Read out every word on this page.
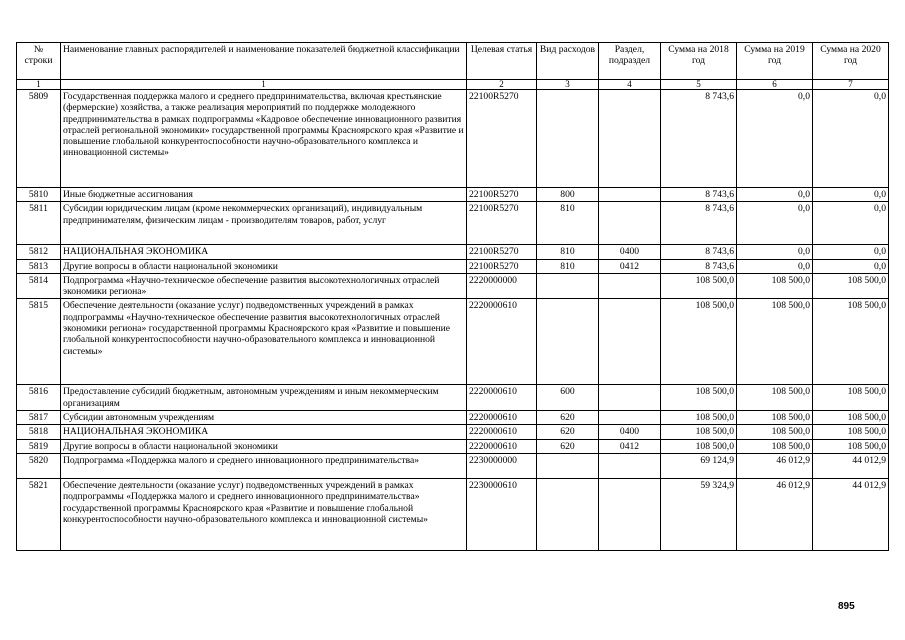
№ строки	Наименование главных распорядителей и наименование показателей бюджетной классификации	Целевая статья	Вид расходов	Раздел, подраздел	Сумма на 2018 год	Сумма на 2019 год	Сумма на 2020 год
1	1	2	3	4	5	6	7
5809	Государственная поддержка малого и среднего предпринимательства, включая крестьянские (фермерские) хозяйства, а также реализация мероприятий по поддержке молодежного предпринимательства в рамках подпрограммы «Кадровое обеспечение инновационного развития отраслей региональной экономики» государственной программы Красноярского края «Развитие и повышение глобальной конкурентоспособности научно-образовательного комплекса и инновационной системы»	22100R5270			8 743,6	0,0	0,0
5810	Иные бюджетные ассигнования	22100R5270	800		8 743,6	0,0	0,0
5811	Субсидии юридическим лицам (кроме некоммерческих организаций), индивидуальным предпринимателям, физическим лицам - производителям товаров, работ, услуг	22100R5270	810		8 743,6	0,0	0,0
5812	НАЦИОНАЛЬНАЯ ЭКОНОМИКА	22100R5270	810	0400	8 743,6	0,0	0,0
5813	Другие вопросы в области национальной экономики	22100R5270	810	0412	8 743,6	0,0	0,0
5814	Подпрограмма «Научно-техническое обеспечение развития высокотехнологичных отраслей экономики региона»	2220000000			108 500,0	108 500,0	108 500,0
5815	Обеспечение деятельности (оказание услуг) подведомственных учреждений в рамках подпрограммы «Научно-техническое обеспечение развития высокотехнологичных отраслей экономики региона» государственной программы Красноярского края «Развитие и повышение глобальной конкурентоспособности научно-образовательного комплекса и инновационной системы»	2220000610			108 500,0	108 500,0	108 500,0
5816	Предоставление субсидий бюджетным, автономным учреждениям и иным некоммерческим организациям	2220000610	600		108 500,0	108 500,0	108 500,0
5817	Субсидии автономным учреждениям	2220000610	620		108 500,0	108 500,0	108 500,0
5818	НАЦИОНАЛЬНАЯ ЭКОНОМИКА	2220000610	620	0400	108 500,0	108 500,0	108 500,0
5819	Другие вопросы в области национальной экономики	2220000610	620	0412	108 500,0	108 500,0	108 500,0
5820	Подпрограмма «Поддержка малого и среднего инновационного предпринимательства»	2230000000			69 124,9	46 012,9	44 012,9
5821	Обеспечение деятельности (оказание услуг) подведомственных учреждений в рамках подпрограммы «Поддержка малого и среднего инновационного предпринимательства» государственной программы Красноярского края «Развитие и повышение глобальной конкурентоспособности научно-образовательного комплекса и инновационной системы»	2230000610			59 324,9	46 012,9	44 012,9
895
